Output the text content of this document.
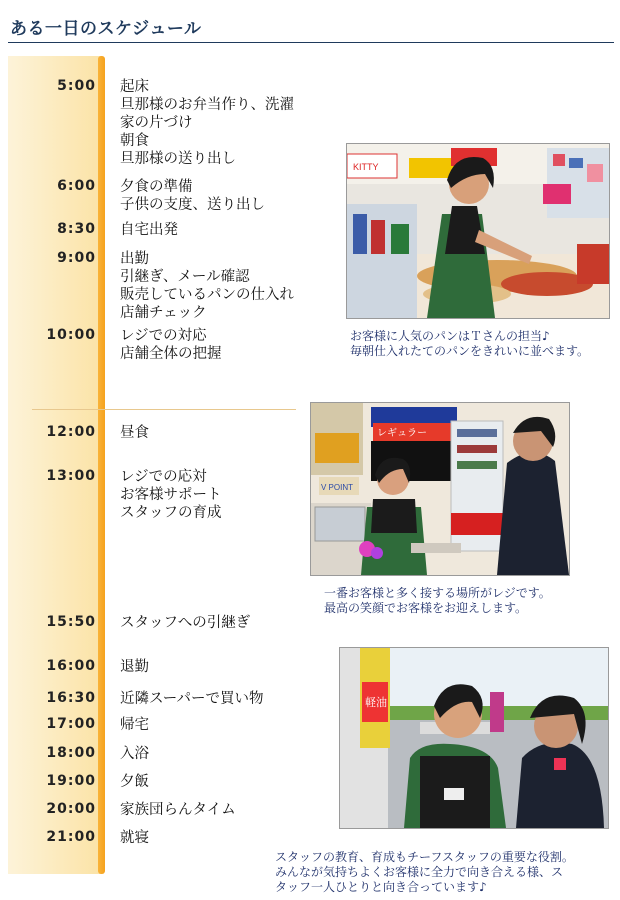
ある一日のスケジュール
5:00 起床
旦那様のお弁当作り、洗濯
家の片づけ
朝食
旦那様の送り出し
6:00 夕食の準備
子供の支度、送り出し
8:30 自宅出発
9:00 出勤
引継ぎ、メール確認
販売しているパンの仕入れ
店舗チェック
10:00 レジでの対応
店舗全体の把握
12:00 昼食
13:00 レジでの応対
お客様サポート
スタッフの育成
15:50 スタッフへの引継ぎ
16:00 退勤
16:30 近隣スーパーで買い物
17:00 帰宅
18:00 入浴
19:00 夕飯
20:00 家族団らんタイム
21:00 就寝
KITTY
お客様に人気のパンはＴさんの担当♪
毎朝仕入れたてのパンをきれいに並べます。
レギュラー
V POINT
一番お客様と多く接する場所がレジです。
最高の笑顔でお客様をお迎えします。
軽油
スタッフの教育、育成もチーフスタッフの重要な役割。
みんなが気持ちよくお客様に全力で向き合える様、ス
タッフ一人ひとりと向き合っています♪
